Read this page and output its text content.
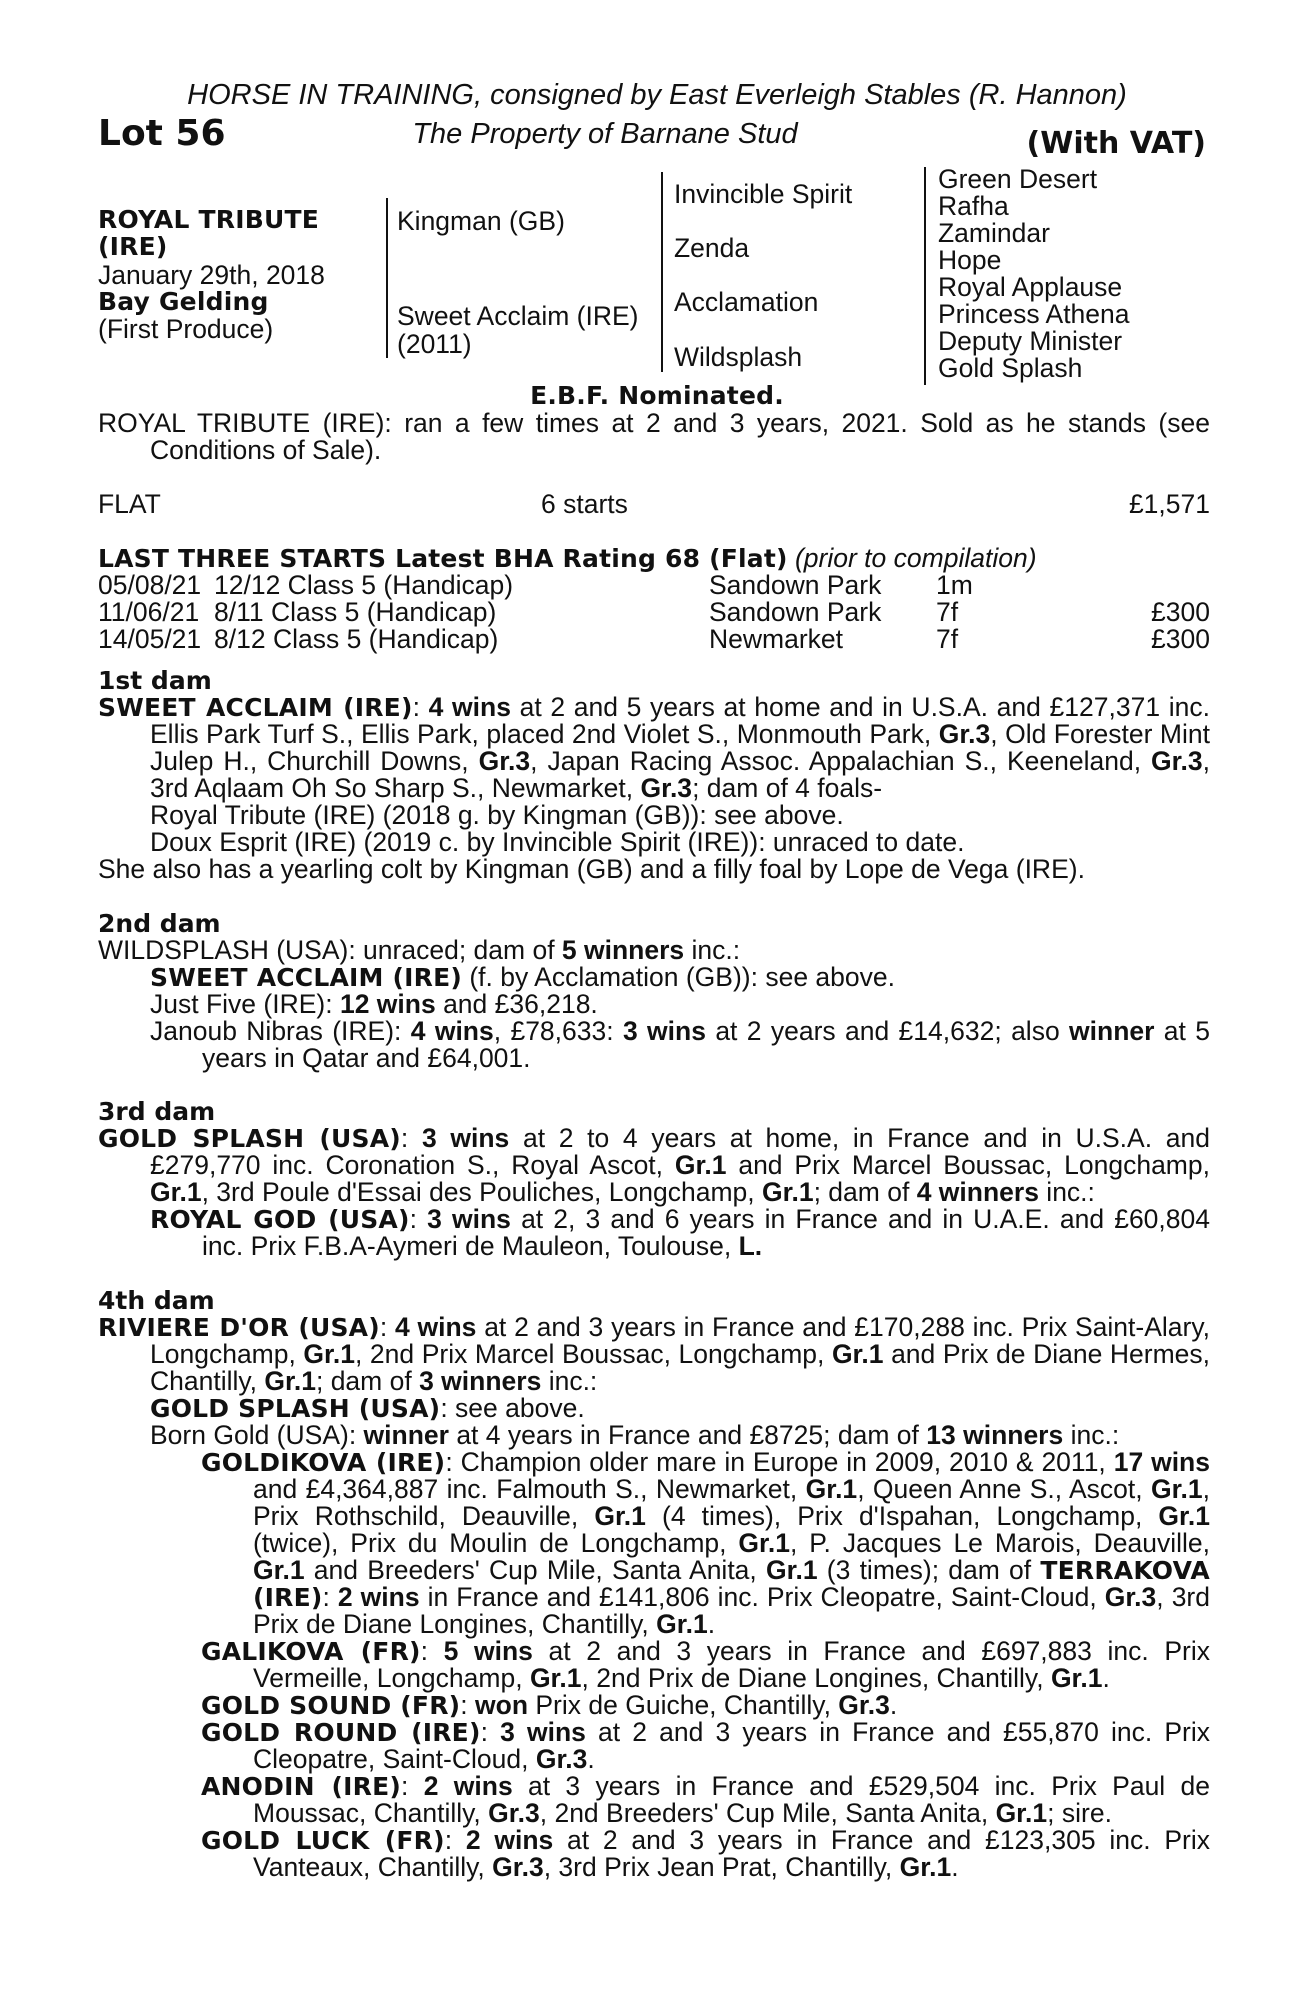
HORSE IN TRAINING, consigned by East Everleigh Stables (R. Hannon)
Lot 56	The Property of Barnane Stud	(With VAT)
ROYAL TRIBUTE
(IRE)
January 29th, 2018
Bay Gelding
(First Produce)
Kingman (GB)
Sweet Acclaim (IRE)
(2011)
Invincible Spirit
Zenda
Acclamation
Wildsplash
Green Desert
Rafha
Zamindar
Hope
Royal Applause
Princess Athena
Deputy Minister
Gold Splash
E.B.F. Nominated.

ROYAL TRIBUTE (IRE): ran a few times at 2 and 3 years, 2021. Sold as he stands (see Conditions of Sale).

FLAT	6 starts	£1,571
LAST THREE STARTS Latest BHA Rating 68 (Flat) (prior to compilation)
05/08/21 12/12 Class 5 (Handicap)	Sandown Park 1m
11/06/21 8/11 Class 5 (Handicap)	Sandown Park 7f	£300
14/05/21 8/12 Class 5 (Handicap)	Newmarket	7f	£300
1st dam

SWEET ACCLAIM (IRE): 4 wins at 2 and 5 years at home and in U.S.A. and £127,371 inc. Ellis Park Turf S., Ellis Park, placed 2nd Violet S., Monmouth Park, Gr.3, Old Forester Mint Julep H., Churchill Downs, Gr.3, Japan Racing Assoc. Appalachian S., Keeneland, Gr.3, 3rd Aqlaam Oh So Sharp S., Newmarket, Gr.3; dam of 4 foals-

Royal Tribute (IRE) (2018 g. by Kingman (GB)): see above.

Doux Esprit (IRE) (2019 c. by Invincible Spirit (IRE)): unraced to date.

She also has a yearling colt by Kingman (GB) and a filly foal by Lope de Vega (IRE).

2nd dam

WILDSPLASH (USA): unraced; dam of 5 winners inc.:

SWEET ACCLAIM (IRE) (f. by Acclamation (GB)): see above.

Just Five (IRE): 12 wins and £36,218.

Janoub Nibras (IRE): 4 wins, £78,633: 3 wins at 2 years and £14,632; also winner at 5 years in Qatar and £64,001.

3rd dam

GOLD SPLASH (USA): 3 wins at 2 to 4 years at home, in France and in U.S.A. and £279,770 inc. Coronation S., Royal Ascot, Gr.1 and Prix Marcel Boussac, Longchamp, Gr.1, 3rd Poule d'Essai des Pouliches, Longchamp, Gr.1; dam of 4 winners inc.:

ROYAL GOD (USA): 3 wins at 2, 3 and 6 years in France and in U.A.E. and £60,804 inc. Prix F.B.A-Aymeri de Mauleon, Toulouse, L.

4th dam

RIVIERE D'OR (USA): 4 wins at 2 and 3 years in France and £170,288 inc. Prix Saint-Alary, Longchamp, Gr.1, 2nd Prix Marcel Boussac, Longchamp, Gr.1 and Prix de Diane Hermes, Chantilly, Gr.1; dam of 3 winners inc.:

GOLD SPLASH (USA): see above.

Born Gold (USA): winner at 4 years in France and £8725; dam of 13 winners inc.:

GOLDIKOVA (IRE): Champion older mare in Europe in 2009, 2010 & 2011, 17 wins and £4,364,887 inc. Falmouth S., Newmarket, Gr.1, Queen Anne S., Ascot, Gr.1, Prix Rothschild, Deauville, Gr.1 (4 times), Prix d'Ispahan, Longchamp, Gr.1 (twice), Prix du Moulin de Longchamp, Gr.1, P. Jacques Le Marois, Deauville, Gr.1 and Breeders' Cup Mile, Santa Anita, Gr.1 (3 times); dam of TERRAKOVA (IRE): 2 wins in France and £141,806 inc. Prix Cleopatre, Saint-Cloud, Gr.3, 3rd Prix de Diane Longines, Chantilly, Gr.1.

GALIKOVA (FR): 5 wins at 2 and 3 years in France and £697,883 inc. Prix Vermeille, Longchamp, Gr.1, 2nd Prix de Diane Longines, Chantilly, Gr.1.

GOLD SOUND (FR): won Prix de Guiche, Chantilly, Gr.3.

GOLD ROUND (IRE): 3 wins at 2 and 3 years in France and £55,870 inc. Prix Cleopatre, Saint-Cloud, Gr.3.

ANODIN (IRE): 2 wins at 3 years in France and £529,504 inc. Prix Paul de Moussac, Chantilly, Gr.3, 2nd Breeders' Cup Mile, Santa Anita, Gr.1; sire.

GOLD LUCK (FR): 2 wins at 2 and 3 years in France and £123,305 inc. Prix Vanteaux, Chantilly, Gr.3, 3rd Prix Jean Prat, Chantilly, Gr.1.
